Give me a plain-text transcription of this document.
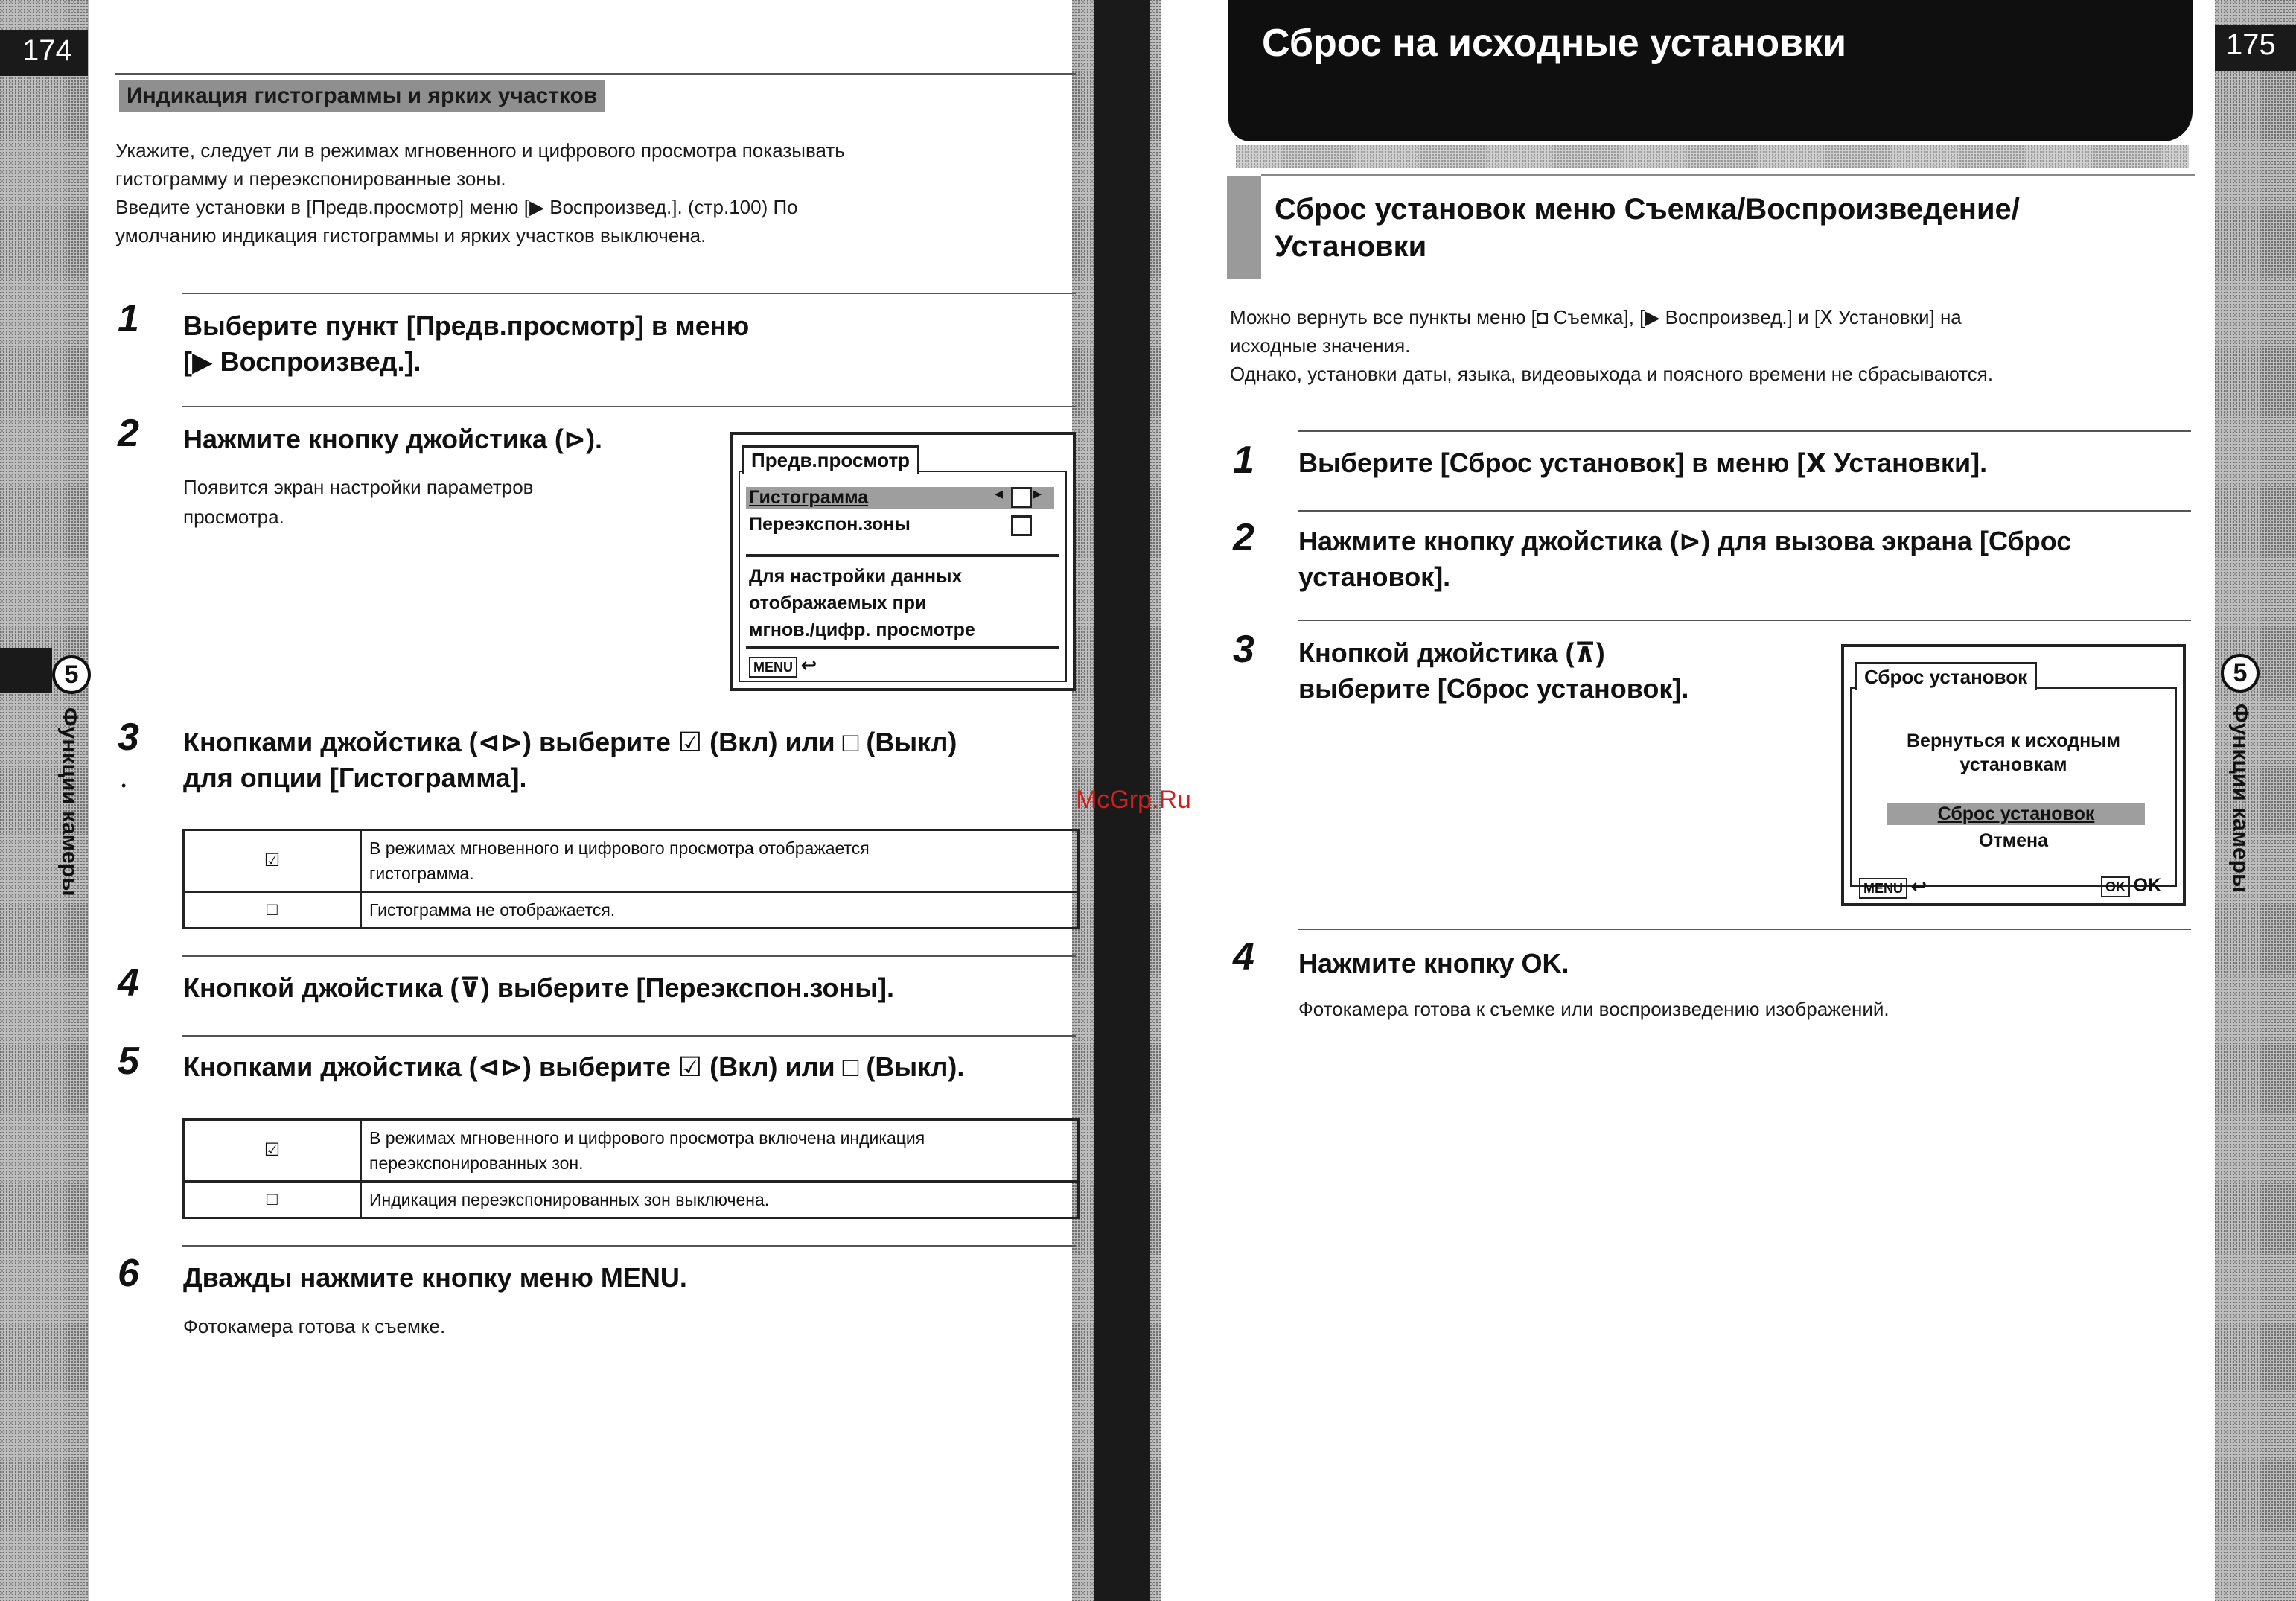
174	175
5
Функции камеры
5
Функции камеры
McGrp.Ru
Индикация гистограммы и ярких участков
Укажите, следует ли в режимах мгновенного и цифрового просмотра показывать
гистограмму и переэкспонированные зоны.
Введите установки в [Предв.просмотр] меню [▶ Воспроизвед.]. (стр.100) По
умолчанию индикация гистограммы и ярких участков выключена.
1 Выберите пункт [Предв.просмотр] в меню
[▶ Воспроизвед.].
2 Нажмите кнопку джойстика (⊳).
Появится экран настройки параметров
просмотра.
Предв.просмотр
Гистограмма	◂ ▸
Переэкспон.зоны
Для настройки данных
отображаемых при
мгнов./цифр. просмотре
MENU ↩
3
•
Кнопками джойстика (⊲⊳) выберите ☑ (Вкл) или □ (Выкл)
для опции [Гистограмма].
☑	В режимах мгновенного и цифрового просмотра отображается
гистограмма.

□	Гистограмма не отображается.
4 Кнопкой джойстика (⊽) выберите [Переэкспон.зоны].
5 Кнопками джойстика (⊲⊳) выберите ☑ (Вкл) или □ (Выкл).
☑	В режимах мгновенного и цифрового просмотра включена индикация
переэкспонированных зон.

□	Индикация переэкспонированных зон выключена.
6 Дважды нажмите кнопку меню MENU.
Фотокамера готова к съемке.
Сброс на исходные установки
Сброс установок меню Съемка/Воспроизведение/
Установки
Можно вернуть все пункты меню [◘ Съемка], [▶ Воспроизвед.] и [Ⅹ Установки] на
исходные значения.
Однако, установки даты, языка, видеовыхода и поясного времени не сбрасываются.
1 Выберите [Сброс установок] в меню [Ⅹ Установки].
2 Нажмите кнопку джойстика (⊳) для вызова экрана [Сброс
установок].
3 Кнопкой джойстика (⊼)
выберите [Сброс установок].	Сброс установок
Вернуться к исходным
установкам
Сброс установок
Отмена
MENU ↩	OK OK
4 Нажмите кнопку OK.
Фотокамера готова к съемке или воспроизведению изображений.
